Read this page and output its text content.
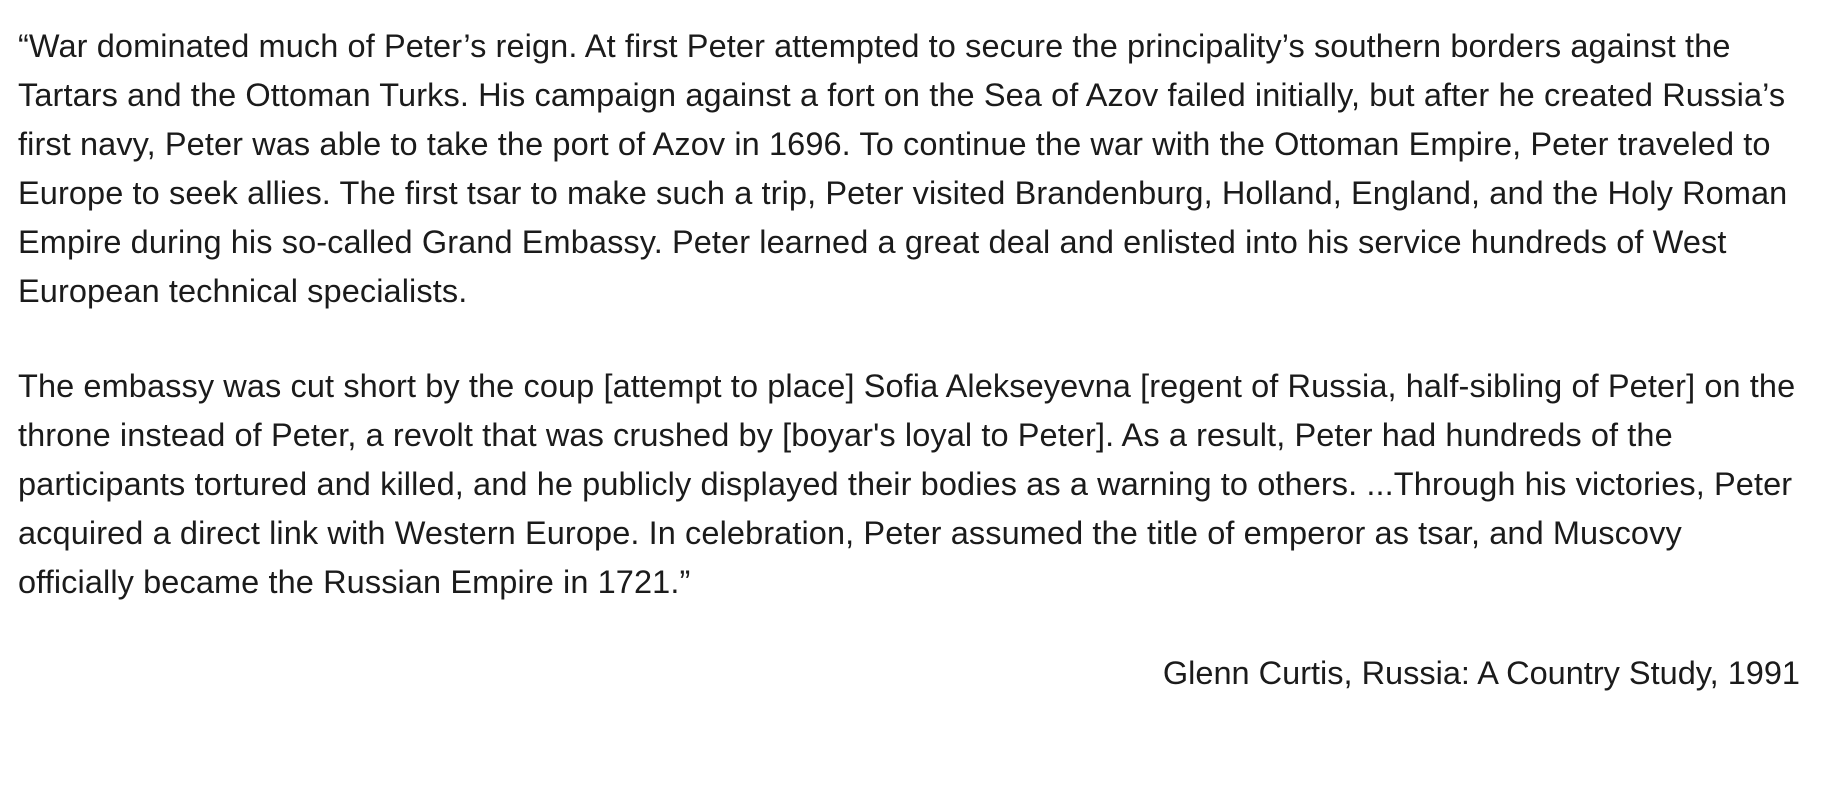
“War dominated much of Peter’s reign. At first Peter attempted to secure the principality’s southern borders against the Tartars and the Ottoman Turks. His campaign against a fort on the Sea of Azov failed initially, but after he created Russia’s first navy, Peter was able to take the port of Azov in 1696. To continue the war with the Ottoman Empire, Peter traveled to Europe to seek allies. The first tsar to make such a trip, Peter visited Brandenburg, Holland, England, and the Holy Roman Empire during his so-called Grand Embassy. Peter learned a great deal and enlisted into his service hundreds of West European technical specialists.

The embassy was cut short by the coup [attempt to place] Sofia Alekseyevna [regent of Russia, half-sibling of Peter] on the throne instead of Peter, a revolt that was crushed by [boyar's loyal to Peter]. As a result, Peter had hundreds of the participants tortured and killed, and he publicly displayed their bodies as a warning to others. ...Through his victories, Peter acquired a direct link with Western Europe. In celebration, Peter assumed the title of emperor as tsar, and Muscovy officially became the Russian Empire in 1721.”

Glenn Curtis, Russia: A Country Study, 1991
